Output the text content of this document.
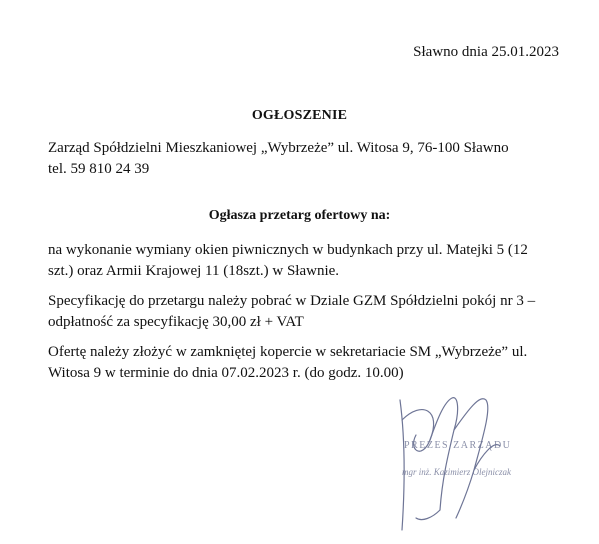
Sławno dnia 25.01.2023
OGŁOSZENIE
Zarząd Spółdzielni Mieszkaniowej „Wybrzeże” ul. Witosa 9, 76-100 Sławno
tel. 59 810 24 39
Ogłasza przetarg ofertowy na:
na wykonanie wymiany okien piwnicznych w budynkach przy ul. Matejki 5 (12
szt.) oraz Armii Krajowej 11 (18szt.) w Sławnie.
Specyfikację do przetargu należy pobrać w Dziale GZM Spółdzielni pokój nr 3 –
odpłatność za specyfikację 30,00 zł + VAT
Ofertę należy złożyć w zamkniętej kopercie w sekretariacie SM „Wybrzeże” ul.
Witosa 9 w terminie do dnia 07.02.2023 r. (do godz. 10.00)
PREZES ZARZĄDU
mgr inż. Kazimierz Olejniczak
